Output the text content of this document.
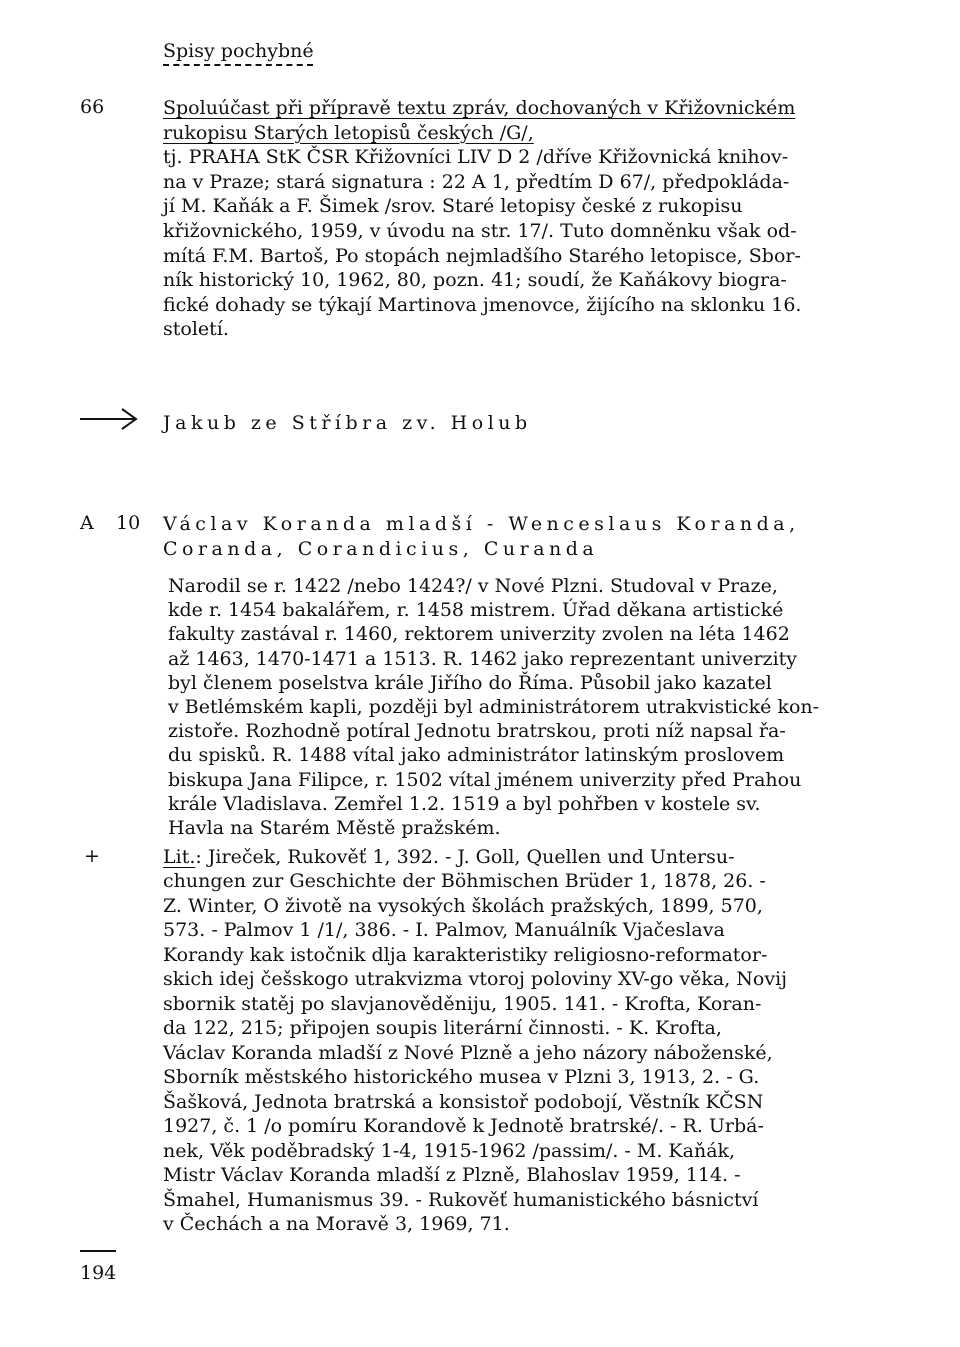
Spisy pochybné
66	Spoluúčast při přípravě textu zpráv, dochovaných v Křižovnickém
rukopisu Starých letopisů českých /G/,
tj. PRAHA StK ČSR Křižovníci LIV D 2 /dříve Křižovnická knihov-
na v Praze; stará signatura : 22 A 1, předtím D 67/, předpokláda-
jí M. Kaňák a F. Šimek /srov. Staré letopisy české z rukopisu
křižovnického, 1959, v úvodu na str. 17/. Tuto domněnku však od-
mítá F.M. Bartoš, Po stopách nejmladšího Starého letopisce, Sbor-
ník historický 10, 1962, 80, pozn. 41; soudí, že Kaňákovy biogra-
fické dohady se týkají Martinova jmenovce, žijícího na sklonku 16.
století.
Jakub ze Stříbra zv. Holub
A 10 Václav Koranda mladší - Wenceslaus Koranda,
Coranda, Corandicius, Curanda
Narodil se r. 1422 /nebo 1424?/ v Nové Plzni. Studoval v Praze,
kde r. 1454 bakalářem, r. 1458 mistrem. Úřad děkana artistické
fakulty zastával r. 1460, rektorem univerzity zvolen na léta 1462
až 1463, 1470-1471 a 1513. R. 1462 jako reprezentant univerzity
byl členem poselstva krále Jiřího do Říma. Působil jako kazatel
v Betlémském kapli, později byl administrátorem utrakvistické kon-
zistoře. Rozhodně potíral Jednotu bratrskou, proti níž napsal řa-
du spisků. R. 1488 vítal jako administrátor latinským proslovem
biskupa Jana Filipce, r. 1502 vítal jménem univerzity před Prahou
krále Vladislava. Zemřel 1.2. 1519 a byl pohřben v kostele sv.
Havla na Starém Městě pražském.
+	Lit.: Jireček, Rukověť 1, 392. - J. Goll, Quellen und Untersu-
chungen zur Geschichte der Böhmischen Brüder 1, 1878, 26. -
Z. Winter, O životě na vysokých školách pražských, 1899, 570,
573. - Palmov 1 /1/, 386. - I. Palmov, Manuálník Vjačeslava
Korandy kak istočnik dlja karakteristiky religiosno-reformator-
skich idej češskogo utrakvizma vtoroj poloviny XV-go věka, Novij
sbornik statěj po slavjanověděniju, 1905. 141. - Krofta, Koran-
da 122, 215; připojen soupis literární činnosti. - K. Krofta,
Václav Koranda mladší z Nové Plzně a jeho názory náboženské,
Sborník městského historického musea v Plzni 3, 1913, 2. - G.
Šašková, Jednota bratrská a konsistoř podobojí, Věstník KČSN
1927, č. 1 /o pomíru Korandově k Jednotě bratrské/. - R. Urbá-
nek, Věk poděbradský 1-4, 1915-1962 /passim/. - M. Kaňák,
Mistr Václav Koranda mladší z Plzně, Blahoslav 1959, 114. -
Šmahel, Humanismus 39. - Rukověť humanistického básnictví
v Čechách a na Moravě 3, 1969, 71.
194
